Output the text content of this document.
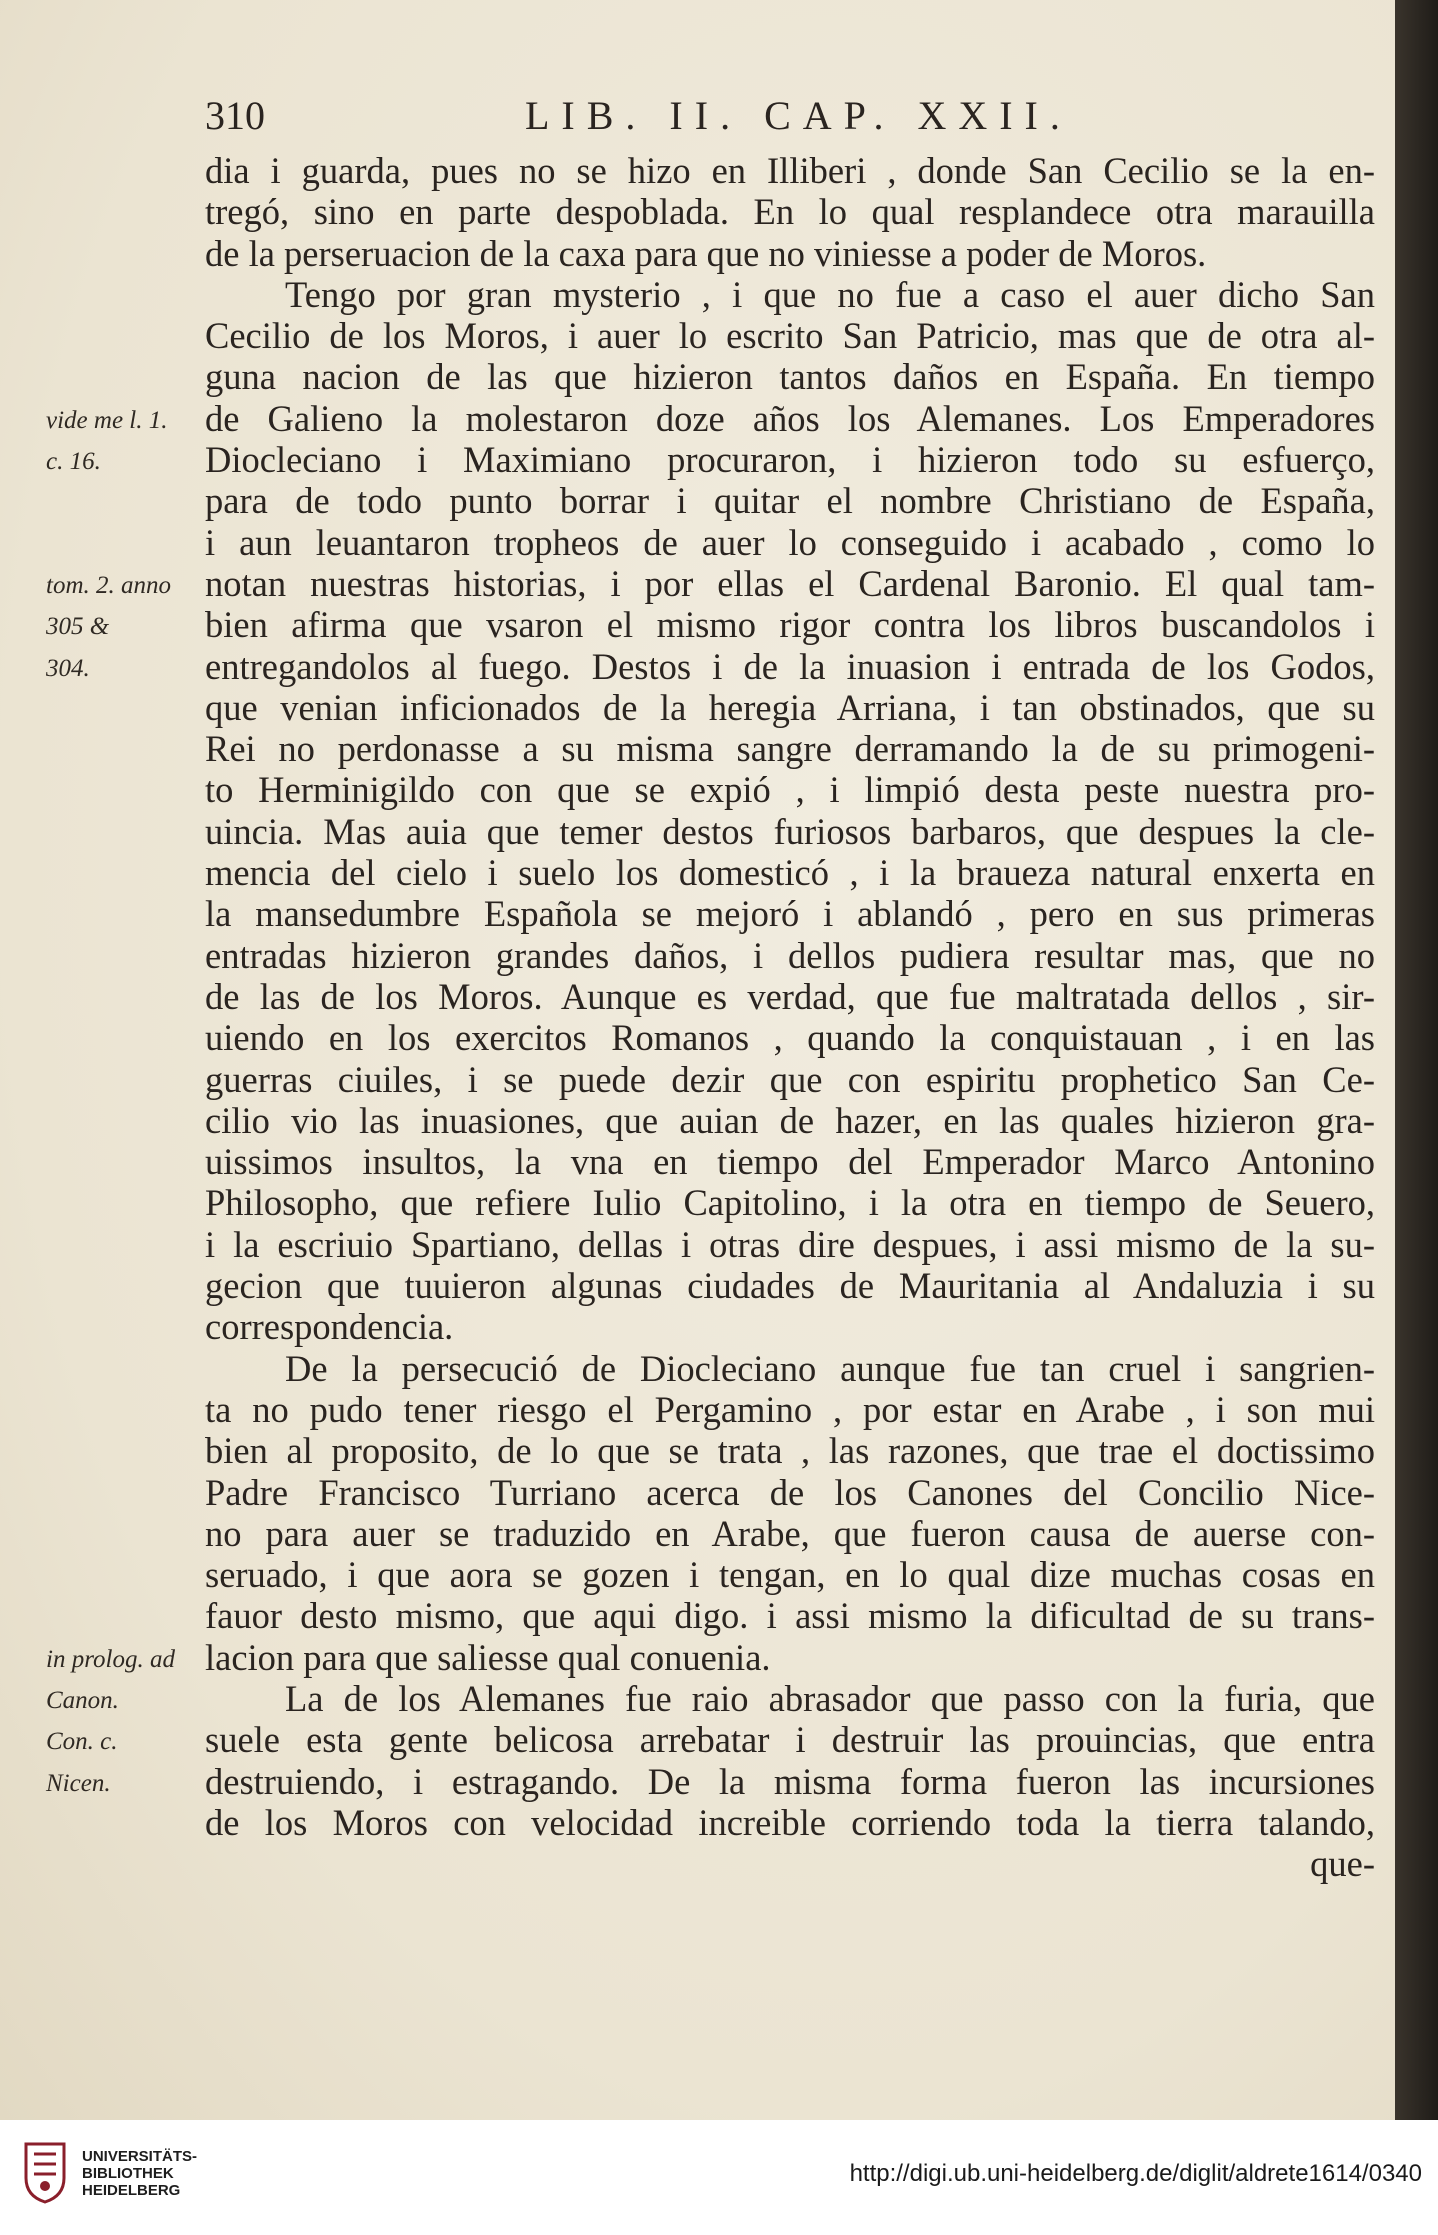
310	LIB. II. CAP. XXII.
dia i guarda, pues no se hizo en Illiberi , donde San Cecilio se la en-
tregó, sino en parte despoblada. En lo qual resplandece otra marauilla
de la perseruacion de la caxa para que no viniesse a poder de Moros.
Tengo por gran mysterio , i que no fue a caso el auer dicho San
Cecilio de los Moros, i auer lo escrito San Patricio, mas que de otra al-
guna nacion de las que hizieron tantos daños en España. En tiempo
de Galieno la molestaron doze años los Alemanes. Los Emperadores
Diocleciano i Maximiano procuraron, i hizieron todo su esfuerço,
para de todo punto borrar i quitar el nombre Christiano de España,
i aun leuantaron tropheos de auer lo conseguido i acabado , como lo
notan nuestras historias, i por ellas el Cardenal Baronio. El qual tam-
bien afirma que vsaron el mismo rigor contra los libros buscandolos i
entregandolos al fuego. Destos i de la inuasion i entrada de los Godos,
que venian inficionados de la heregia Arriana, i tan obstinados, que su
Rei no perdonasse a su misma sangre derramando la de su primogeni-
to Herminigildo con que se expió , i limpió desta peste nuestra pro-
uincia. Mas auia que temer destos furiosos barbaros, que despues la cle-
mencia del cielo i suelo los domesticó , i la braueza natural enxerta en
la mansedumbre Española se mejoró i ablandó , pero en sus primeras
entradas hizieron grandes daños, i dellos pudiera resultar mas, que no
de las de los Moros. Aunque es verdad, que fue maltratada dellos , sir-
uiendo en los exercitos Romanos , quando la conquistauan , i en las
guerras ciuiles, i se puede dezir que con espiritu prophetico San Ce-
cilio vio las inuasiones, que auian de hazer, en las quales hizieron gra-
uissimos insultos, la vna en tiempo del Emperador Marco Antonino
Philosopho, que refiere Iulio Capitolino, i la otra en tiempo de Seuero,
i la escriuio Spartiano, dellas i otras dire despues, i assi mismo de la su-
gecion que tuuieron algunas ciudades de Mauritania al Andaluzia i su
correspondencia.
De la persecució de Diocleciano aunque fue tan cruel i sangrien-
ta no pudo tener riesgo el Pergamino , por estar en Arabe , i son mui
bien al proposito, de lo que se trata , las razones, que trae el doctissimo
Padre Francisco Turriano acerca de los Canones del Concilio Nice-
no para auer se traduzido en Arabe, que fueron causa de auerse con-
seruado, i que aora se gozen i tengan, en lo qual dize muchas cosas en
fauor desto mismo, que aqui digo. i assi mismo la dificultad de su trans-
lacion para que saliesse qual conuenia.
La de los Alemanes fue raio abrasador que passo con la furia, que
suele esta gente belicosa arrebatar i destruir las prouincias, que entra
destruiendo, i estragando. De la misma forma fueron las incursiones
de los Moros con velocidad increible corriendo toda la tierra talando,
que-
vide me l. 1.
c. 16.
tom. 2. anno
305 &
304.
in prolog. ad
Canon.
Con. c.
Nicen.
UNIVERSITÄTS-
BIBLIOTHEK
HEIDELBERG
http://digi.ub.uni-heidelberg.de/diglit/aldrete1614/0340
